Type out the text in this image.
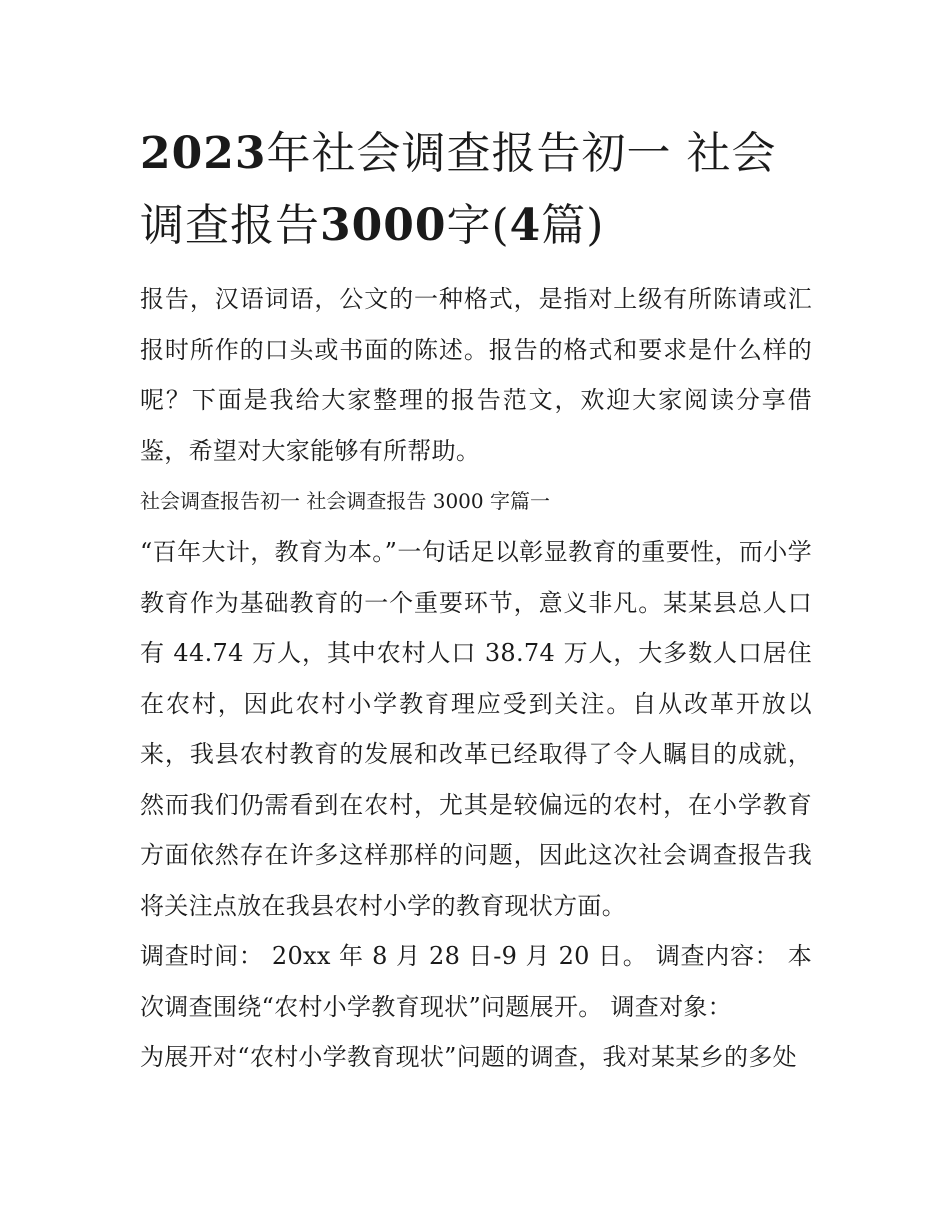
2023年社会调查报告初一 社会调查报告3000字(4篇)

报告，汉语词语，公文的一种格式，是指对上级有所陈请或汇报时所作的口头或书面的陈述。报告的格式和要求是什么样的呢？下面是我给大家整理的报告范文，欢迎大家阅读分享借鉴，希望对大家能够有所帮助。

社会调查报告初一 社会调查报告 3000 字篇一

“百年大计，教育为本。”一句话足以彰显教育的重要性，而小学教育作为基础教育的一个重要环节，意义非凡。某某县总人口有 44.74 万人，其中农村人口 38.74 万人，大多数人口居住在农村，因此农村小学教育理应受到关注。自从改革开放以来，我县农村教育的发展和改革已经取得了令人瞩目的成就，然而我们仍需看到在农村，尤其是较偏远的农村，在小学教育方面依然存在许多这样那样的问题，因此这次社会调查报告我将关注点放在我县农村小学的教育现状方面。

调查时间： 20xx 年 8 月 28 日-9 月 20 日。 调查内容： 本次调查围绕“农村小学教育现状”问题展开。 调查对象：

为展开对“农村小学教育现状”问题的调查，我对某某乡的多处
